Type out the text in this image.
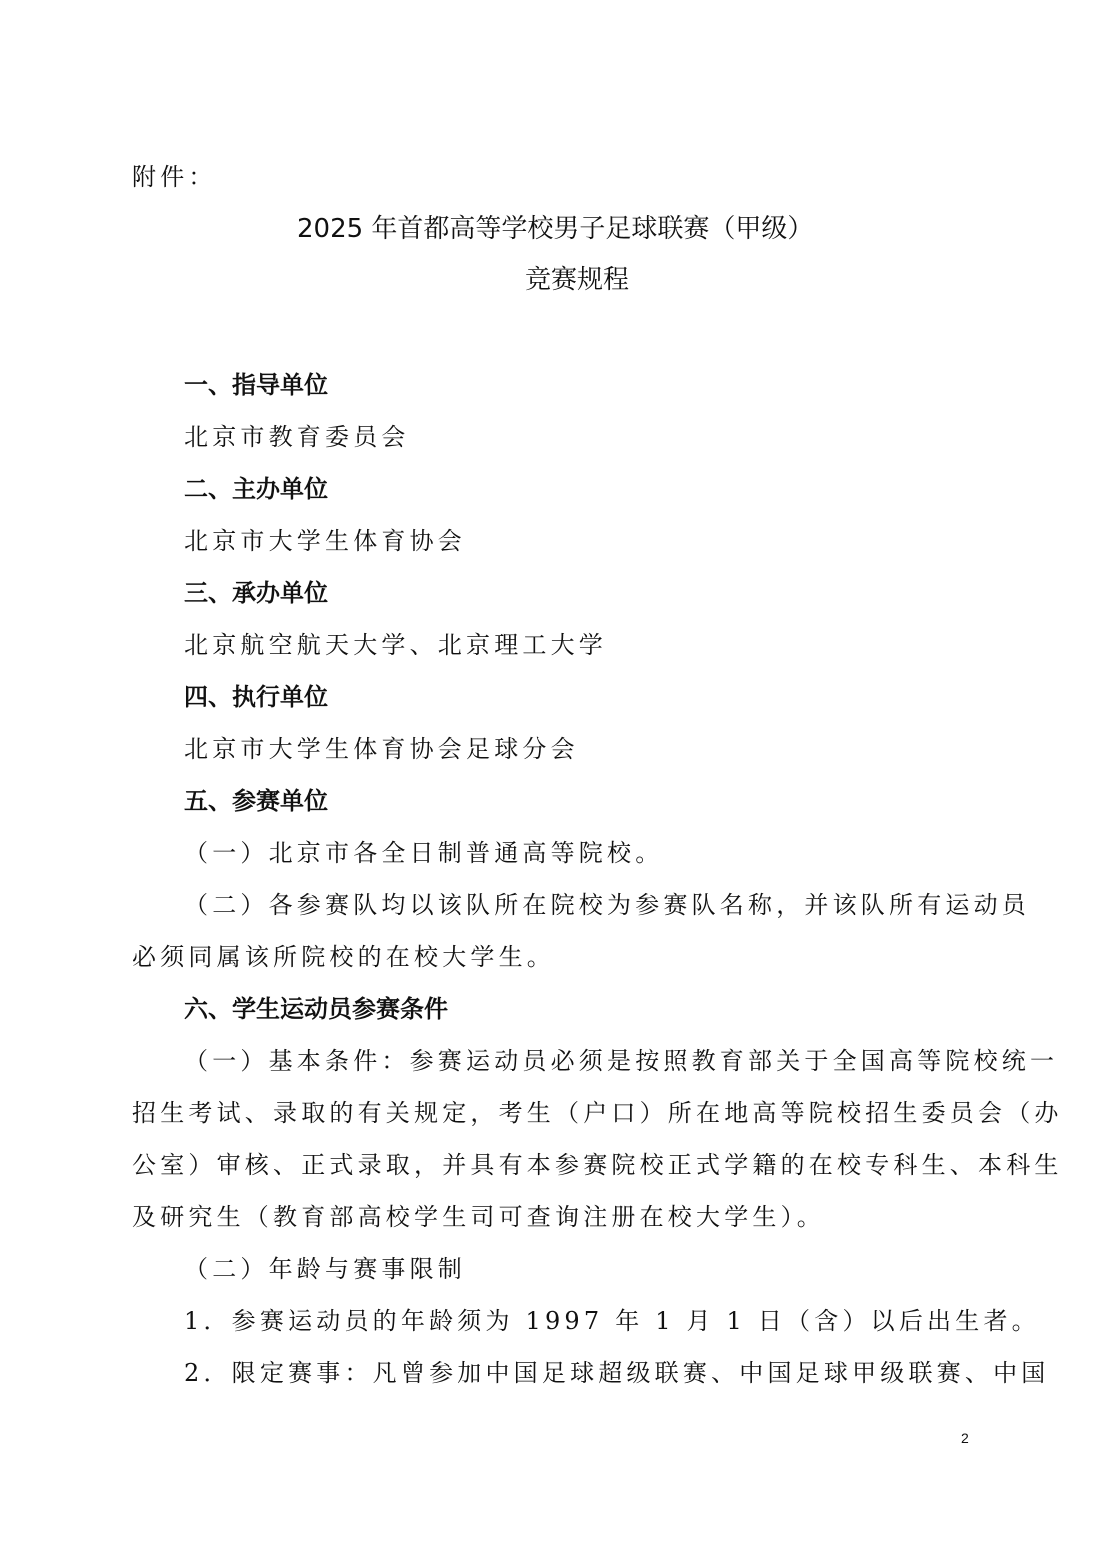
附件：
2025 年首都高等学校男子足球联赛（甲级）
竞赛规程
一、指导单位
北京市教育委员会
二、主办单位
北京市大学生体育协会
三、承办单位
北京航空航天大学、北京理工大学
四、执行单位
北京市大学生体育协会足球分会
五、参赛单位
（一）北京市各全日制普通高等院校。
（二）各参赛队均以该队所在院校为参赛队名称，并该队所有运动员
必须同属该所院校的在校大学生。
六、学生运动员参赛条件
（一）基本条件：参赛运动员必须是按照教育部关于全国高等院校统一
招生考试、录取的有关规定，考生（户口）所在地高等院校招生委员会（办
公室）审核、正式录取，并具有本参赛院校正式学籍的在校专科生、本科生
及研究生（教育部高校学生司可查询注册在校大学生）。
（二）年龄与赛事限制
1．参赛运动员的年龄须为 1997 年 1 月 1 日（含）以后出生者。
2．限定赛事：凡曾参加中国足球超级联赛、中国足球甲级联赛、中国
2
